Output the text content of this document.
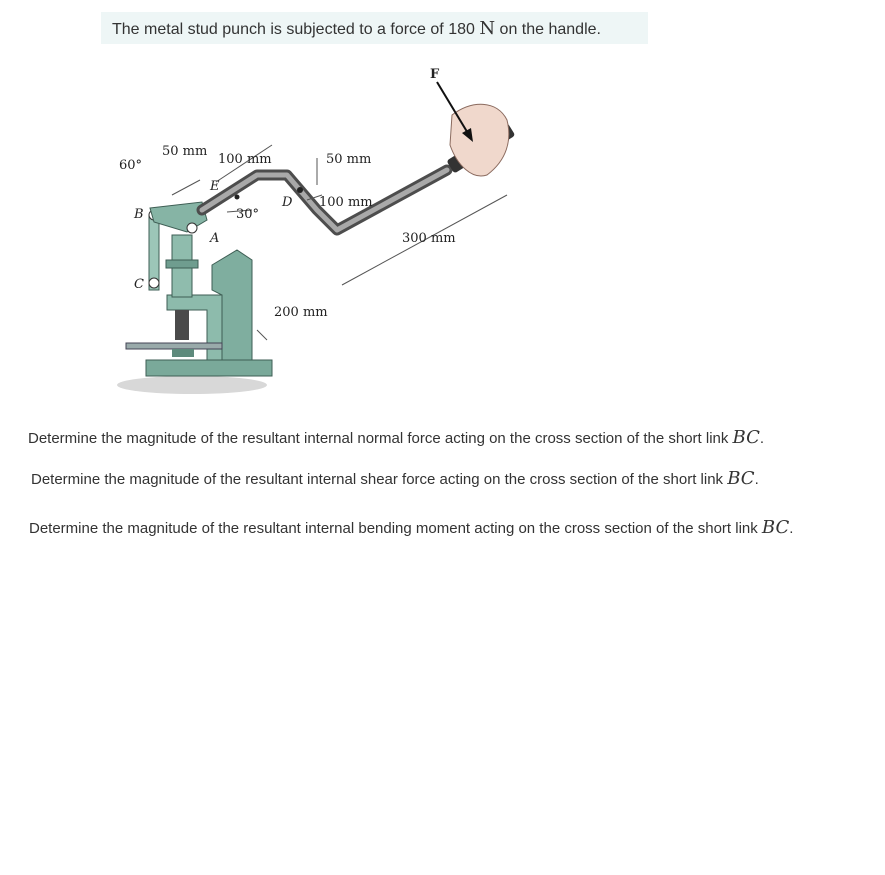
The metal stud punch is subjected to a force of 180 N on the handle.
F
50 mm
100 mm	50 mm
100 mm
300 mm
200 mm
60°
30°
B
C
E
A
D
Determine the magnitude of the resultant internal normal force acting on the cross section of the short link BC.
Determine the magnitude of the resultant internal shear force acting on the cross section of the short link BC.
Determine the magnitude of the resultant internal bending moment acting on the cross section of the short link BC.
